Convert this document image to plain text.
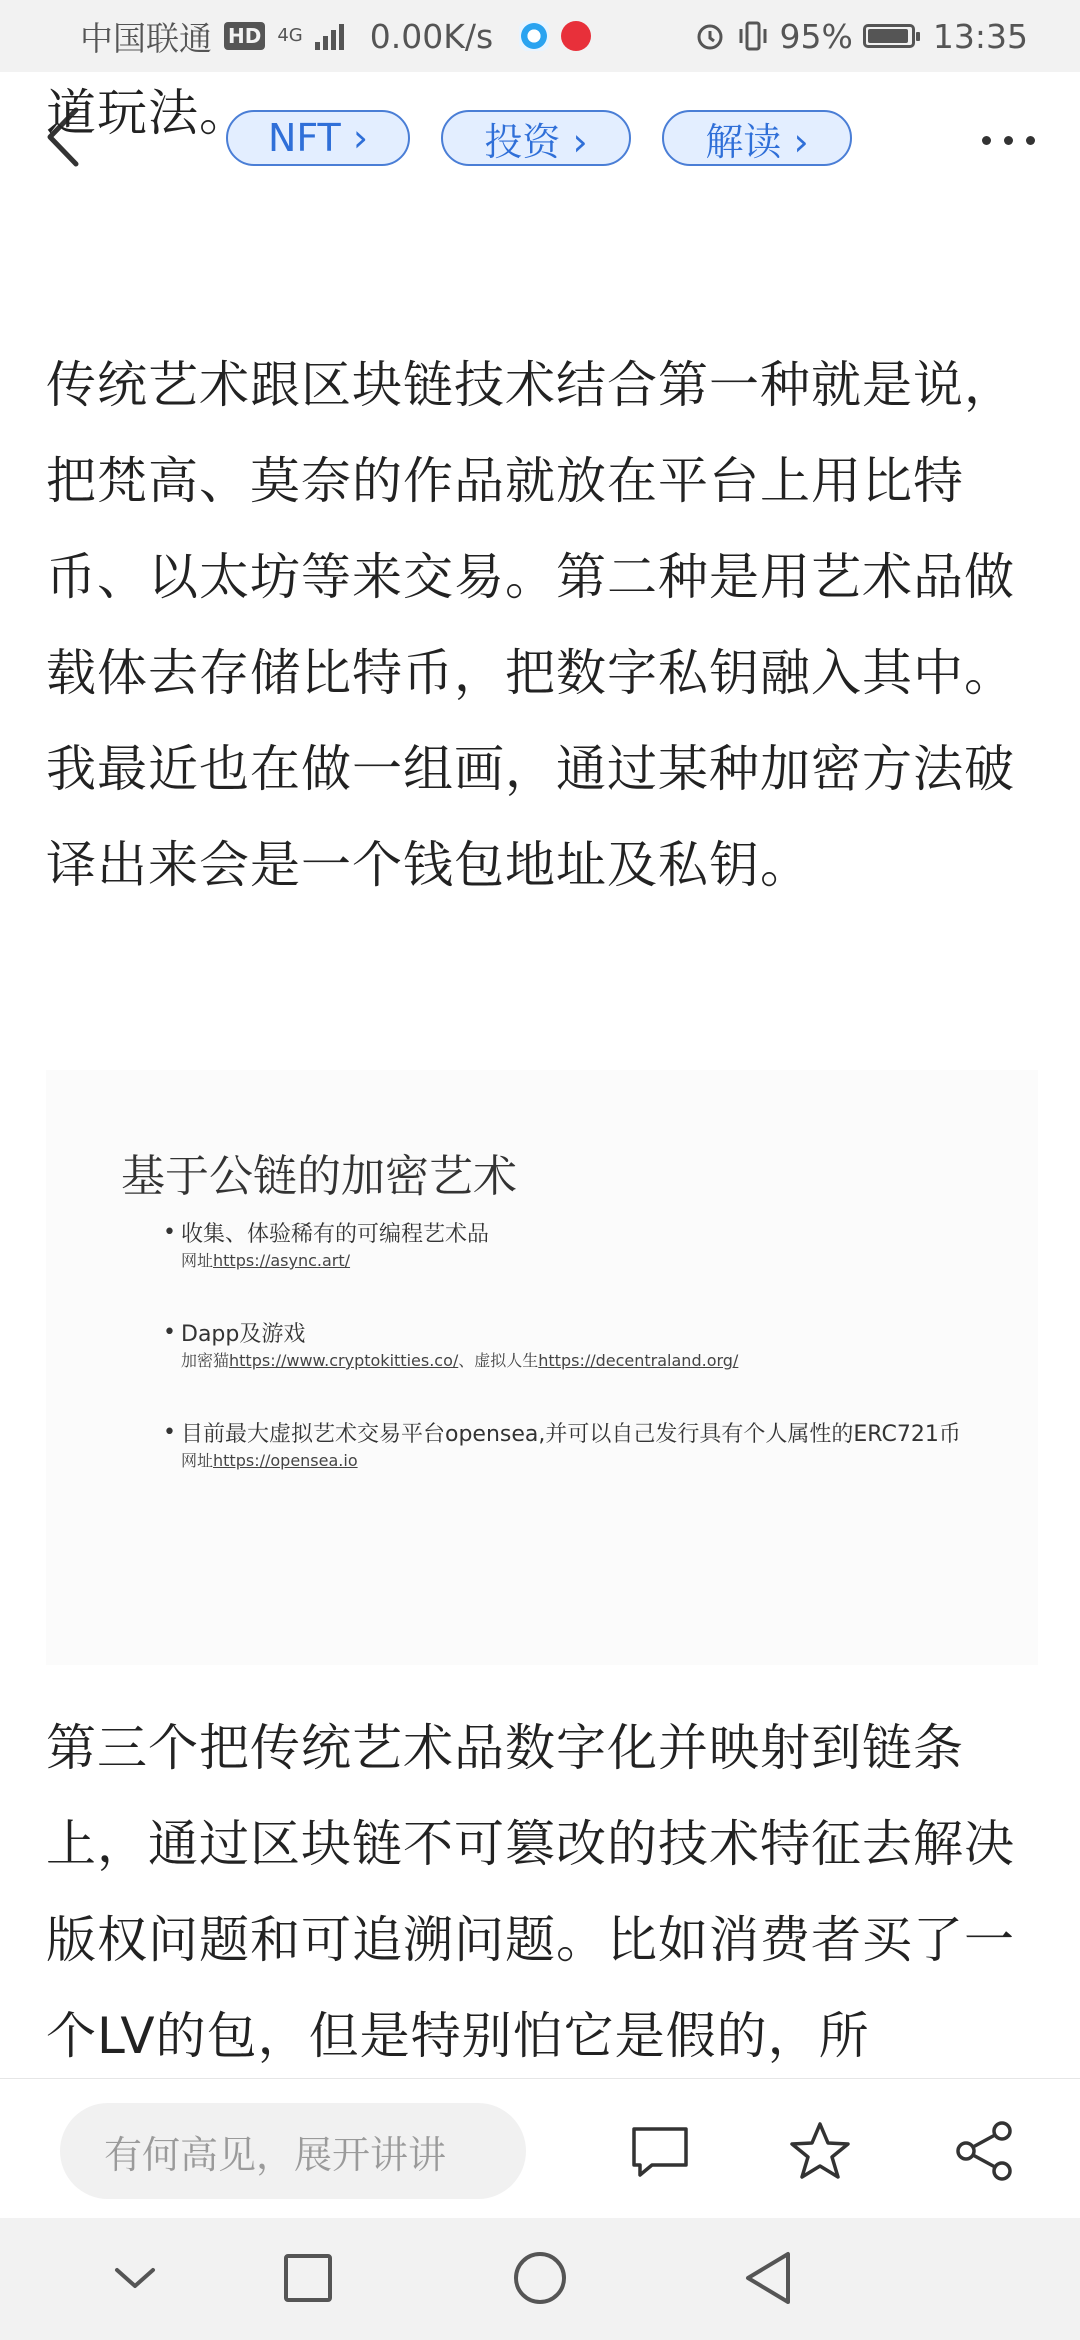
中国联通 HD 4G 0.00K/s	95% 13:35
NFT ›	投资 ›	解读 ›

道玩法。

传统艺术跟区块链技术结合第一种就是说，把梵高、莫奈的作品就放在平台上用比特币、以太坊等来交易。第二种是用艺术品做载体去存储比特币，把数字私钥融入其中。我最近也在做一组画，通过某种加密方法破译出来会是一个钱包地址及私钥。

基于公链的加密艺术
• 收集、体验稀有的可编程艺术品
网址https://async.art/
• Dapp及游戏
加密猫https://www.cryptokitties.co/、虚拟人生https://decentraland.org/
• 目前最大虚拟艺术交易平台opensea,并可以自己发行具有个人属性的ERC721币
网址https://opensea.io

第三个把传统艺术品数字化并映射到链条上，通过区块链不可篡改的技术特征去解决版权问题和可追溯问题。比如消费者买了一个LV的包，但是特别怕它是假的，所

有何高见，展开讲讲
